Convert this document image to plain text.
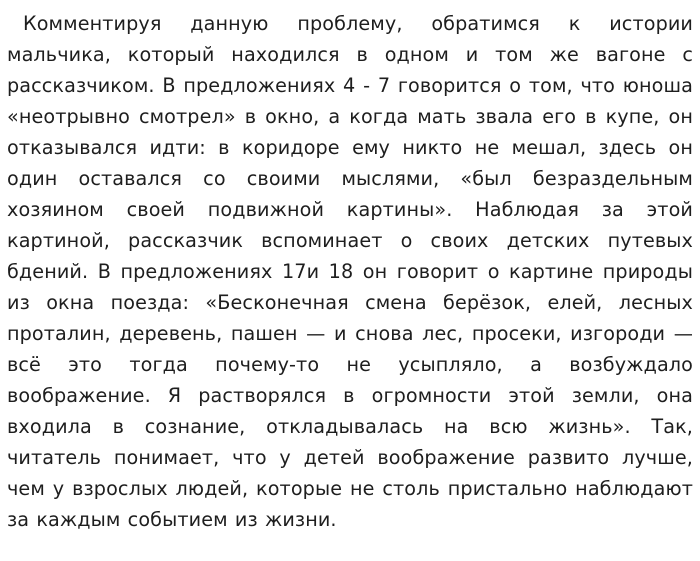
Комментируя данную проблему, обратимся к истории мальчика, который находился в одном и том же вагоне с рассказчиком. В предложениях 4 - 7 говорится о том, что юноша «неотрывно смотрел» в окно, а когда мать звала его в купе, он отказывался идти: в коридоре ему никто не мешал, здесь он один оставался со своими мыслями, «был безраздельным хозяином своей подвижной картины». Наблюдая за этой картиной, рассказчик вспоминает о своих детских путевых бдений. В предложениях 17и 18 он говорит о картине природы из окна поезда: «Бесконечная смена берёзок, елей, лесных проталин, деревень, пашен — и снова лес, просеки, изгороди — всё это тогда почему-то не усыпляло, а возбуждало воображение. Я растворялся в огромности этой земли, она входила в сознание, откладывалась на всю жизнь». Так, читатель понимает, что у детей воображение развито лучше, чем у взрослых людей, которые не столь пристально наблюдают за каждым событием из жизни.
